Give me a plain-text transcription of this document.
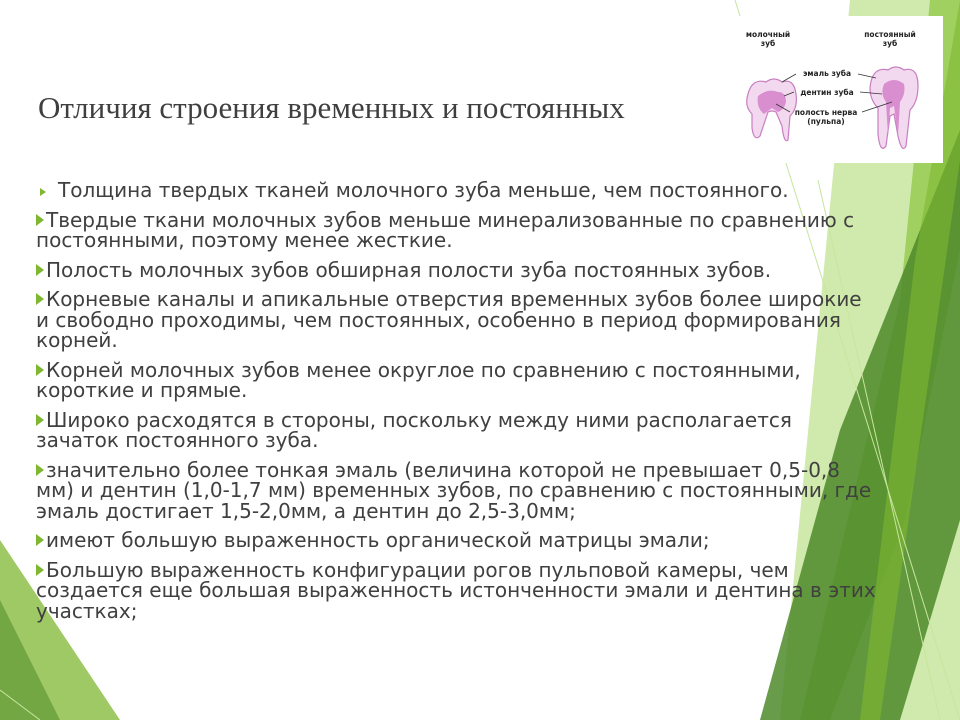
молочный
зуб
постоянный
зуб
эмаль зуба
дентин зуба
полость нерва
(пульпа)
Отличия строения временных и постоянных
Толщина твердых тканей молочного зуба меньше, чем постоянного.
Твердые ткани молочных зубов меньше минерализованные по сравнению с постоянными, поэтому менее жесткие.
Полость молочных зубов обширная полости зуба постоянных зубов.
Корневые каналы и апикальные отверстия временных зубов более широкие и свободно проходимы, чем постоянных, особенно в период формирования корней.
Корней молочных зубов менее округлое по сравнению с постоянными, короткие и прямые.
Широко расходятся в стороны, поскольку между ними располагается зачаток постоянного зуба.
значительно более тонкая эмаль (величина которой не превышает 0,5-0,8 мм) и дентин (1,0-1,7 мм) временных зубов, по сравнению с постоянными, где эмаль достигает 1,5-2,0мм, а дентин до 2,5-3,0мм;
имеют большую выраженность органической матрицы эмали;
Большую выраженность конфигурации рогов пульповой камеры, чем создается еще большая выраженность истонченности эмали и дентина в этих участках;
